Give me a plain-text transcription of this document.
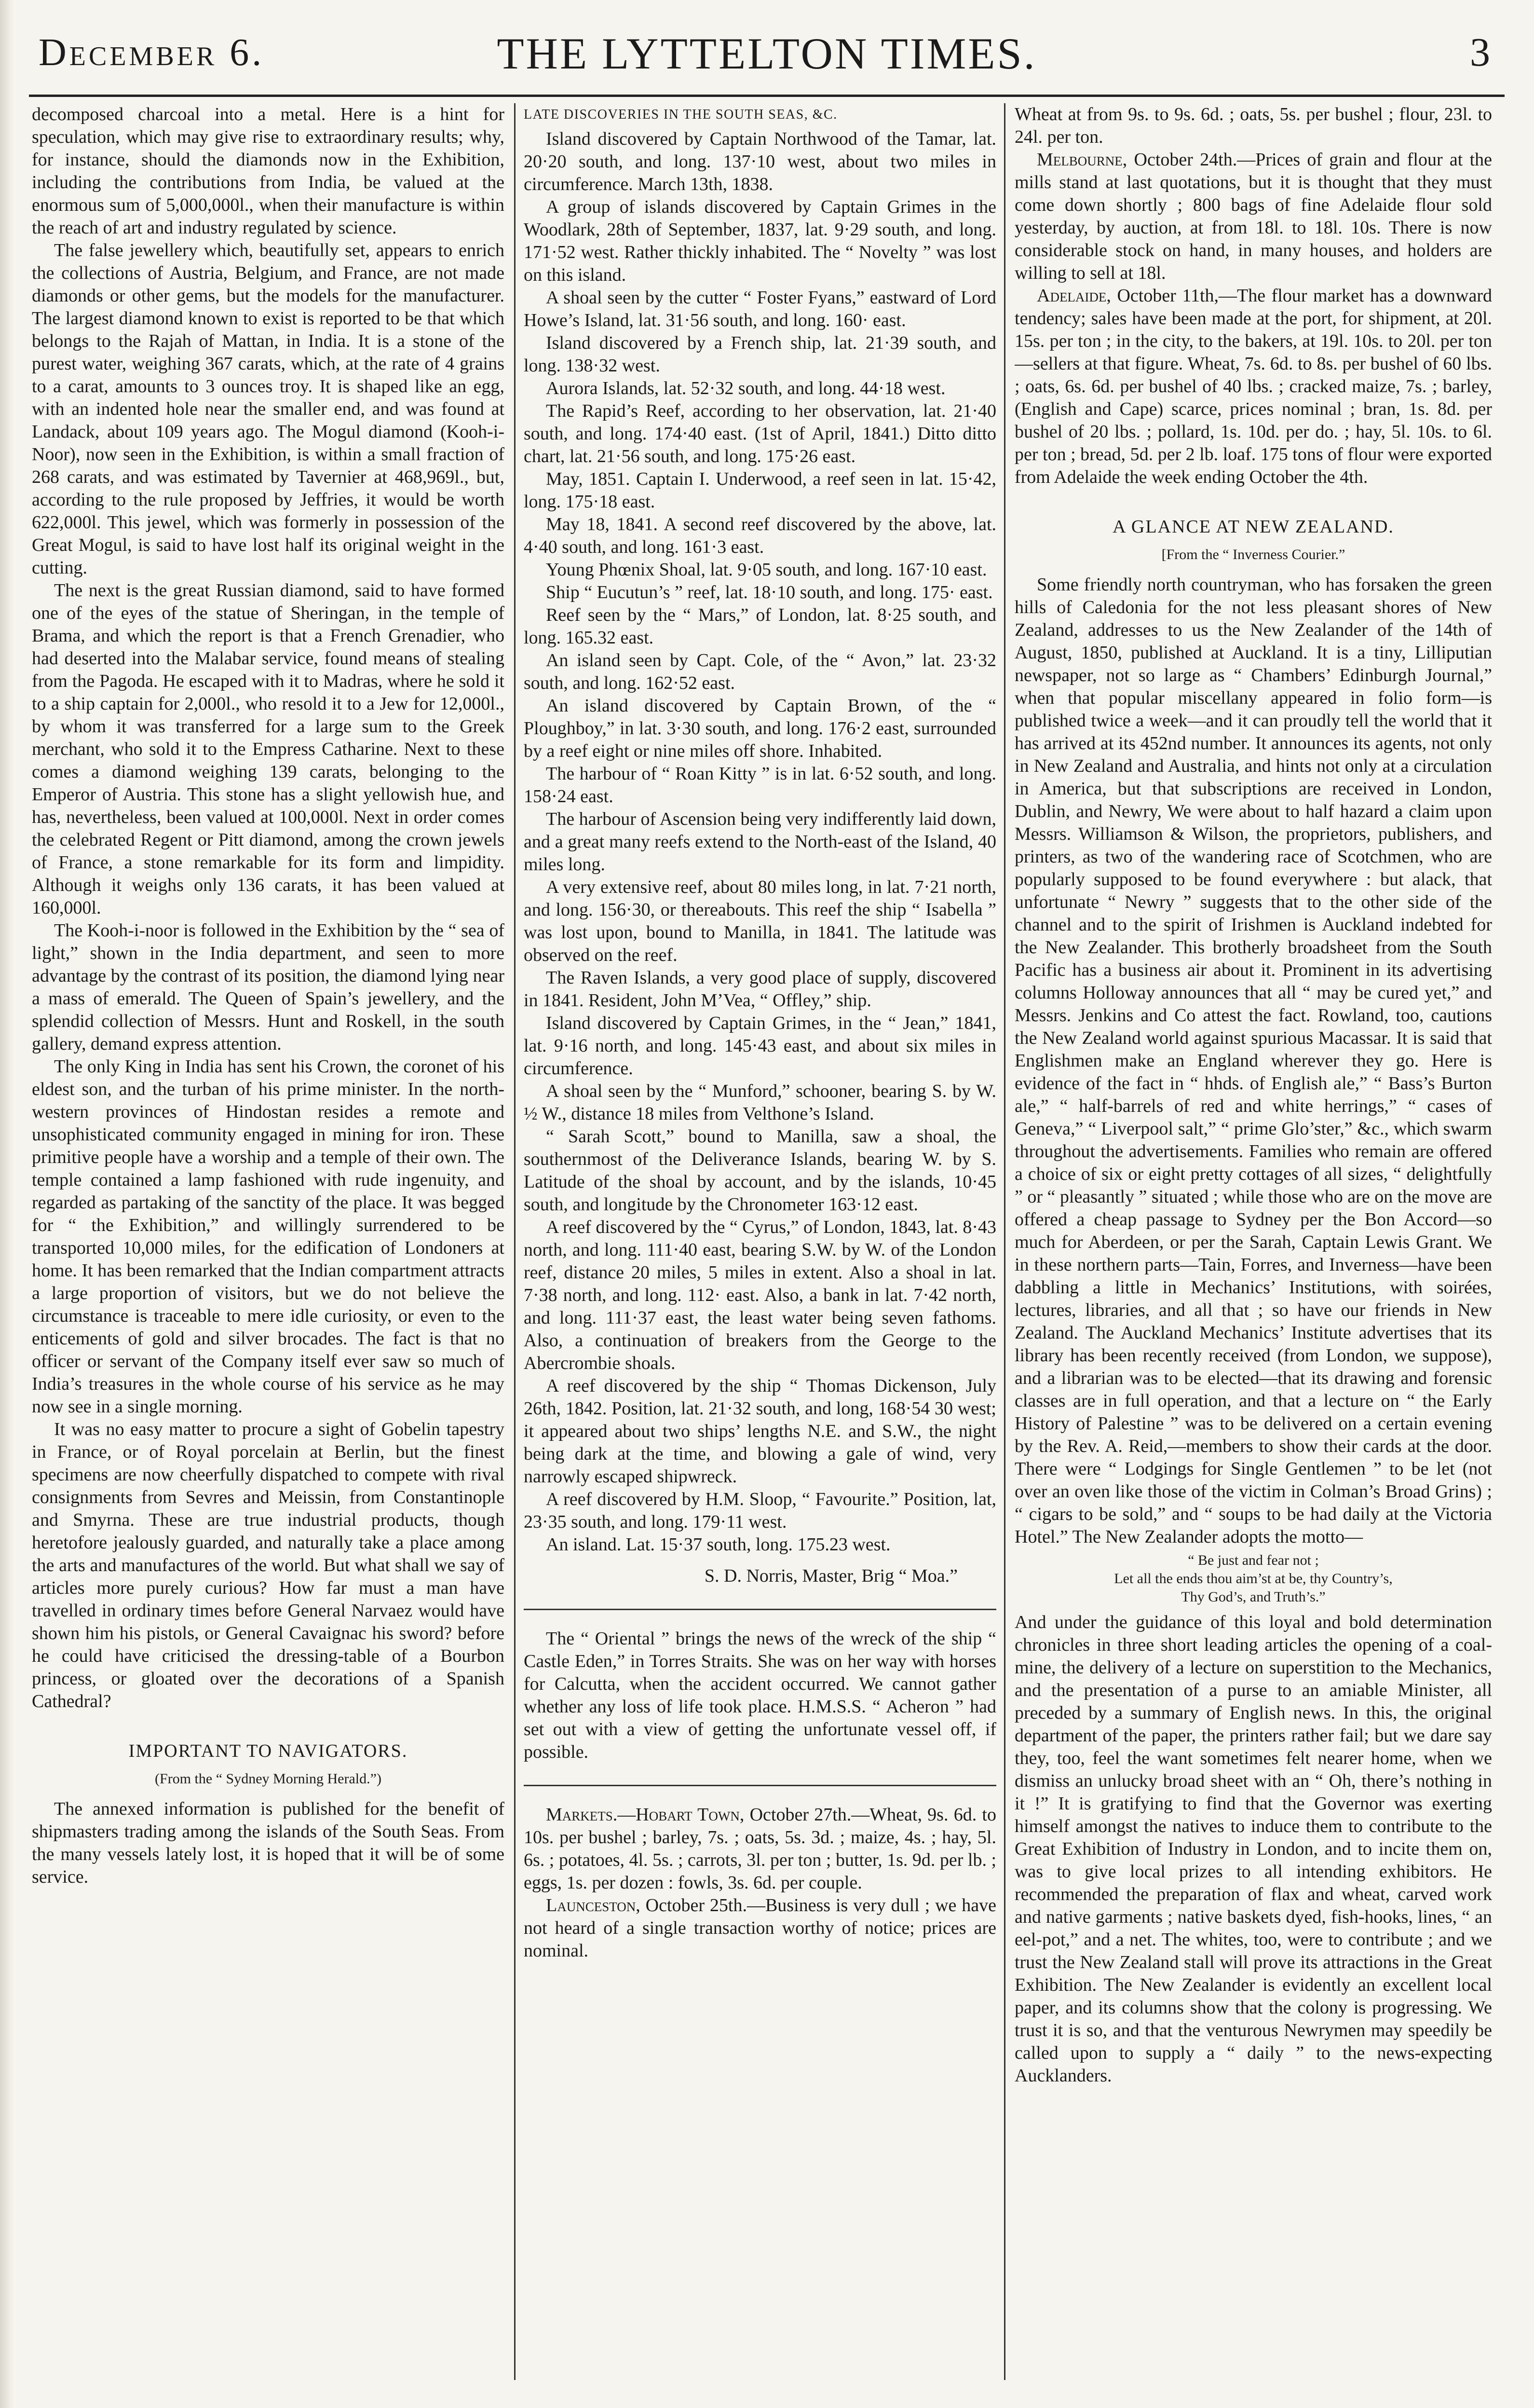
December 6.	THE LYTTELTON TIMES.	3

decomposed charcoal into a metal. Here is a hint for speculation, which may give rise to extraordinary results; why, for instance, should the diamonds now in the Exhibition, including the contributions from India, be valued at the enormous sum of 5,000,000l., when their manufacture is within the reach of art and industry regulated by science.

The false jewellery which, beautifully set, appears to enrich the collections of Austria, Belgium, and France, are not made diamonds or other gems, but the models for the manufacturer. The largest diamond known to exist is reported to be that which belongs to the Rajah of Mattan, in India. It is a stone of the purest water, weighing 367 carats, which, at the rate of 4 grains to a carat, amounts to 3 ounces troy. It is shaped like an egg, with an indented hole near the smaller end, and was found at Landack, about 109 years ago. The Mogul diamond (Kooh-i-Noor), now seen in the Exhibition, is within a small fraction of 268 carats, and was estimated by Tavernier at 468,969l., but, according to the rule proposed by Jeffries, it would be worth 622,000l. This jewel, which was formerly in possession of the Great Mogul, is said to have lost half its original weight in the cutting.

The next is the great Russian diamond, said to have formed one of the eyes of the statue of Sheringan, in the temple of Brama, and which the report is that a French Grenadier, who had deserted into the Malabar service, found means of stealing from the Pagoda. He escaped with it to Madras, where he sold it to a ship captain for 2,000l., who resold it to a Jew for 12,000l., by whom it was transferred for a large sum to the Greek merchant, who sold it to the Empress Catharine. Next to these comes a diamond weighing 139 carats, belonging to the Emperor of Austria. This stone has a slight yellowish hue, and has, nevertheless, been valued at 100,000l. Next in order comes the celebrated Regent or Pitt diamond, among the crown jewels of France, a stone remarkable for its form and limpidity. Although it weighs only 136 carats, it has been valued at 160,000l.

The Kooh-i-noor is followed in the Exhibition by the “ sea of light,” shown in the India department, and seen to more advantage by the contrast of its position, the diamond lying near a mass of emerald. The Queen of Spain’s jewellery, and the splendid collection of Messrs. Hunt and Roskell, in the south gallery, demand express attention.

The only King in India has sent his Crown, the coronet of his eldest son, and the turban of his prime minister. In the north-western provinces of Hindostan resides a remote and unsophisticated community engaged in mining for iron. These primitive people have a worship and a temple of their own. The temple contained a lamp fashioned with rude ingenuity, and regarded as partaking of the sanctity of the place. It was begged for “ the Exhibition,” and willingly surrendered to be transported 10,000 miles, for the edification of Londoners at home. It has been remarked that the Indian compartment attracts a large proportion of visitors, but we do not believe the circumstance is traceable to mere idle curiosity, or even to the enticements of gold and silver brocades. The fact is that no officer or servant of the Company itself ever saw so much of India’s treasures in the whole course of his service as he may now see in a single morning.

It was no easy matter to procure a sight of Gobelin tapestry in France, or of Royal porcelain at Berlin, but the finest specimens are now cheerfully dispatched to compete with rival consignments from Sevres and Meissin, from Constantinople and Smyrna. These are true industrial products, though heretofore jealously guarded, and naturally take a place among the arts and manufactures of the world. But what shall we say of articles more purely curious? How far must a man have travelled in ordinary times before General Narvaez would have shown him his pistols, or General Cavaignac his sword? before he could have criticised the dressing-table of a Bourbon princess, or gloated over the decorations of a Spanish Cathedral?

IMPORTANT TO NAVIGATORS.
(From the “ Sydney Morning Herald.”)

The annexed information is published for the benefit of shipmasters trading among the islands of the South Seas. From the many vessels lately lost, it is hoped that it will be of some service.

LATE DISCOVERIES IN THE SOUTH SEAS, &C.

Island discovered by Captain Northwood of the Tamar, lat. 20·20 south, and long. 137·10 west, about two miles in circumference. March 13th, 1838.

A group of islands discovered by Captain Grimes in the Woodlark, 28th of September, 1837, lat. 9·29 south, and long. 171·52 west. Rather thickly inhabited. The “ Novelty ” was lost on this island.

A shoal seen by the cutter “ Foster Fyans,” eastward of Lord Howe’s Island, lat. 31·56 south, and long. 160· east.

Island discovered by a French ship, lat. 21·39 south, and long. 138·32 west.

Aurora Islands, lat. 52·32 south, and long. 44·18 west.

The Rapid’s Reef, according to her observation, lat. 21·40 south, and long. 174·40 east. (1st of April, 1841.) Ditto ditto chart, lat. 21·56 south, and long. 175·26 east.

May, 1851. Captain I. Underwood, a reef seen in lat. 15·42, long. 175·18 east.

May 18, 1841. A second reef discovered by the above, lat. 4·40 south, and long. 161·3 east.

Young Phœnix Shoal, lat. 9·05 south, and long. 167·10 east.

Ship “ Eucutun’s ” reef, lat. 18·10 south, and long. 175· east.

Reef seen by the “ Mars,” of London, lat. 8·25 south, and long. 165.32 east.

An island seen by Capt. Cole, of the “ Avon,” lat. 23·32 south, and long. 162·52 east.

An island discovered by Captain Brown, of the “ Ploughboy,” in lat. 3·30 south, and long. 176·2 east, surrounded by a reef eight or nine miles off shore. Inhabited.

The harbour of “ Roan Kitty ” is in lat. 6·52 south, and long. 158·24 east.

The harbour of Ascension being very indifferently laid down, and a great many reefs extend to the North-east of the Island, 40 miles long.

A very extensive reef, about 80 miles long, in lat. 7·21 north, and long. 156·30, or thereabouts. This reef the ship “ Isabella ” was lost upon, bound to Manilla, in 1841. The latitude was observed on the reef.

The Raven Islands, a very good place of supply, discovered in 1841. Resident, John M’Vea, “ Offley,” ship.

Island discovered by Captain Grimes, in the “ Jean,” 1841, lat. 9·16 north, and long. 145·43 east, and about six miles in circumference.

A shoal seen by the “ Munford,” schooner, bearing S. by W. ½ W., distance 18 miles from Velthone’s Island.

“ Sarah Scott,” bound to Manilla, saw a shoal, the southernmost of the Deliverance Islands, bearing W. by S. Latitude of the shoal by account, and by the islands, 10·45 south, and longitude by the Chronometer 163·12 east.

A reef discovered by the “ Cyrus,” of London, 1843, lat. 8·43 north, and long. 111·40 east, bearing S.W. by W. of the London reef, distance 20 miles, 5 miles in extent. Also a shoal in lat. 7·38 north, and long. 112· east. Also, a bank in lat. 7·42 north, and long. 111·37 east, the least water being seven fathoms. Also, a continuation of breakers from the George to the Abercrombie shoals.

A reef discovered by the ship “ Thomas Dickenson, July 26th, 1842. Position, lat. 21·32 south, and long, 168·54 30 west; it appeared about two ships’ lengths N.E. and S.W., the night being dark at the time, and blowing a gale of wind, very narrowly escaped shipwreck.

A reef discovered by H.M. Sloop, “ Favourite.” Position, lat, 23·35 south, and long. 179·11 west.

An island. Lat. 15·37 south, long. 175.23 west.

S. D. Norris, Master, Brig “ Moa.”

The “ Oriental ” brings the news of the wreck of the ship “ Castle Eden,” in Torres Straits. She was on her way with horses for Calcutta, when the accident occurred. We cannot gather whether any loss of life took place. H.M.S.S. “ Acheron ” had set out with a view of getting the unfortunate vessel off, if possible.

Markets.—Hobart Town, October 27th.—Wheat, 9s. 6d. to 10s. per bushel ; barley, 7s. ; oats, 5s. 3d. ; maize, 4s. ; hay, 5l. 6s. ; potatoes, 4l. 5s. ; carrots, 3l. per ton ; butter, 1s. 9d. per lb. ; eggs, 1s. per dozen : fowls, 3s. 6d. per couple.

Launceston, October 25th.—Business is very dull ; we have not heard of a single transaction worthy of notice; prices are nominal.

Wheat at from 9s. to 9s. 6d. ; oats, 5s. per bushel ; flour, 23l. to 24l. per ton.

Melbourne, October 24th.—Prices of grain and flour at the mills stand at last quotations, but it is thought that they must come down shortly ; 800 bags of fine Adelaide flour sold yesterday, by auction, at from 18l. to 18l. 10s. There is now considerable stock on hand, in many houses, and holders are willing to sell at 18l.

Adelaide, October 11th,—The flour market has a downward tendency; sales have been made at the port, for shipment, at 20l. 15s. per ton ; in the city, to the bakers, at 19l. 10s. to 20l. per ton—sellers at that figure. Wheat, 7s. 6d. to 8s. per bushel of 60 lbs. ; oats, 6s. 6d. per bushel of 40 lbs. ; cracked maize, 7s. ; barley, (English and Cape) scarce, prices nominal ; bran, 1s. 8d. per bushel of 20 lbs. ; pollard, 1s. 10d. per do. ; hay, 5l. 10s. to 6l. per ton ; bread, 5d. per 2 lb. loaf. 175 tons of flour were exported from Adelaide the week ending October the 4th.

A GLANCE AT NEW ZEALAND.
[From the “ Inverness Courier.”

Some friendly north countryman, who has forsaken the green hills of Caledonia for the not less pleasant shores of New Zealand, addresses to us the New Zealander of the 14th of August, 1850, published at Auckland. It is a tiny, Lilliputian newspaper, not so large as “ Chambers’ Edinburgh Journal,” when that popular miscellany appeared in folio form—is published twice a week—and it can proudly tell the world that it has arrived at its 452nd number. It announces its agents, not only in New Zealand and Australia, and hints not only at a circulation in America, but that subscriptions are received in London, Dublin, and Newry, We were about to half hazard a claim upon Messrs. Williamson & Wilson, the proprietors, publishers, and printers, as two of the wandering race of Scotchmen, who are popularly supposed to be found everywhere : but alack, that unfortunate “ Newry ” suggests that to the other side of the channel and to the spirit of Irishmen is Auckland indebted for the New Zealander. This brotherly broadsheet from the South Pacific has a business air about it. Prominent in its advertising columns Holloway announces that all “ may be cured yet,” and Messrs. Jenkins and Co attest the fact. Rowland, too, cautions the New Zealand world against spurious Macassar. It is said that Englishmen make an England wherever they go. Here is evidence of the fact in “ hhds. of English ale,” “ Bass’s Burton ale,” “ half-barrels of red and white herrings,” “ cases of Geneva,” “ Liverpool salt,” “ prime Glo’ster,” &c., which swarm throughout the advertisements. Families who remain are offered a choice of six or eight pretty cottages of all sizes, “ delightfully ” or “ pleasantly ” situated ; while those who are on the move are offered a cheap passage to Sydney per the Bon Accord—so much for Aberdeen, or per the Sarah, Captain Lewis Grant. We in these northern parts—Tain, Forres, and Inverness—have been dabbling a little in Mechanics’ Institutions, with soirées, lectures, libraries, and all that ; so have our friends in New Zealand. The Auckland Mechanics’ Institute advertises that its library has been recently received (from London, we suppose), and a librarian was to be elected—that its drawing and forensic classes are in full operation, and that a lecture on “ the Early History of Palestine ” was to be delivered on a certain evening by the Rev. A. Reid,—members to show their cards at the door. There were “ Lodgings for Single Gentlemen ” to be let (not over an oven like those of the victim in Colman’s Broad Grins) ; “ cigars to be sold,” and “ soups to be had daily at the Victoria Hotel.” The New Zealander adopts the motto—

“ Be just and fear not ;
Let all the ends thou aim’st at be, thy Country’s,
Thy God’s, and Truth’s.”

And under the guidance of this loyal and bold determination chronicles in three short leading articles the opening of a coal-mine, the delivery of a lecture on superstition to the Mechanics, and the presentation of a purse to an amiable Minister, all preceded by a summary of English news. In this, the original department of the paper, the printers rather fail; but we dare say they, too, feel the want sometimes felt nearer home, when we dismiss an unlucky broad sheet with an “ Oh, there’s nothing in it !” It is gratifying to find that the Governor was exerting himself amongst the natives to induce them to contribute to the Great Exhibition of Industry in London, and to incite them on, was to give local prizes to all intending exhibitors. He recommended the preparation of flax and wheat, carved work and native garments ; native baskets dyed, fish-hooks, lines, “ an eel-pot,” and a net. The whites, too, were to contribute ; and we trust the New Zealand stall will prove its attractions in the Great Exhibition. The New Zealander is evidently an excellent local paper, and its columns show that the colony is progressing. We trust it is so, and that the venturous Newrymen may speedily be called upon to supply a “ daily ” to the news-expecting Aucklanders.
